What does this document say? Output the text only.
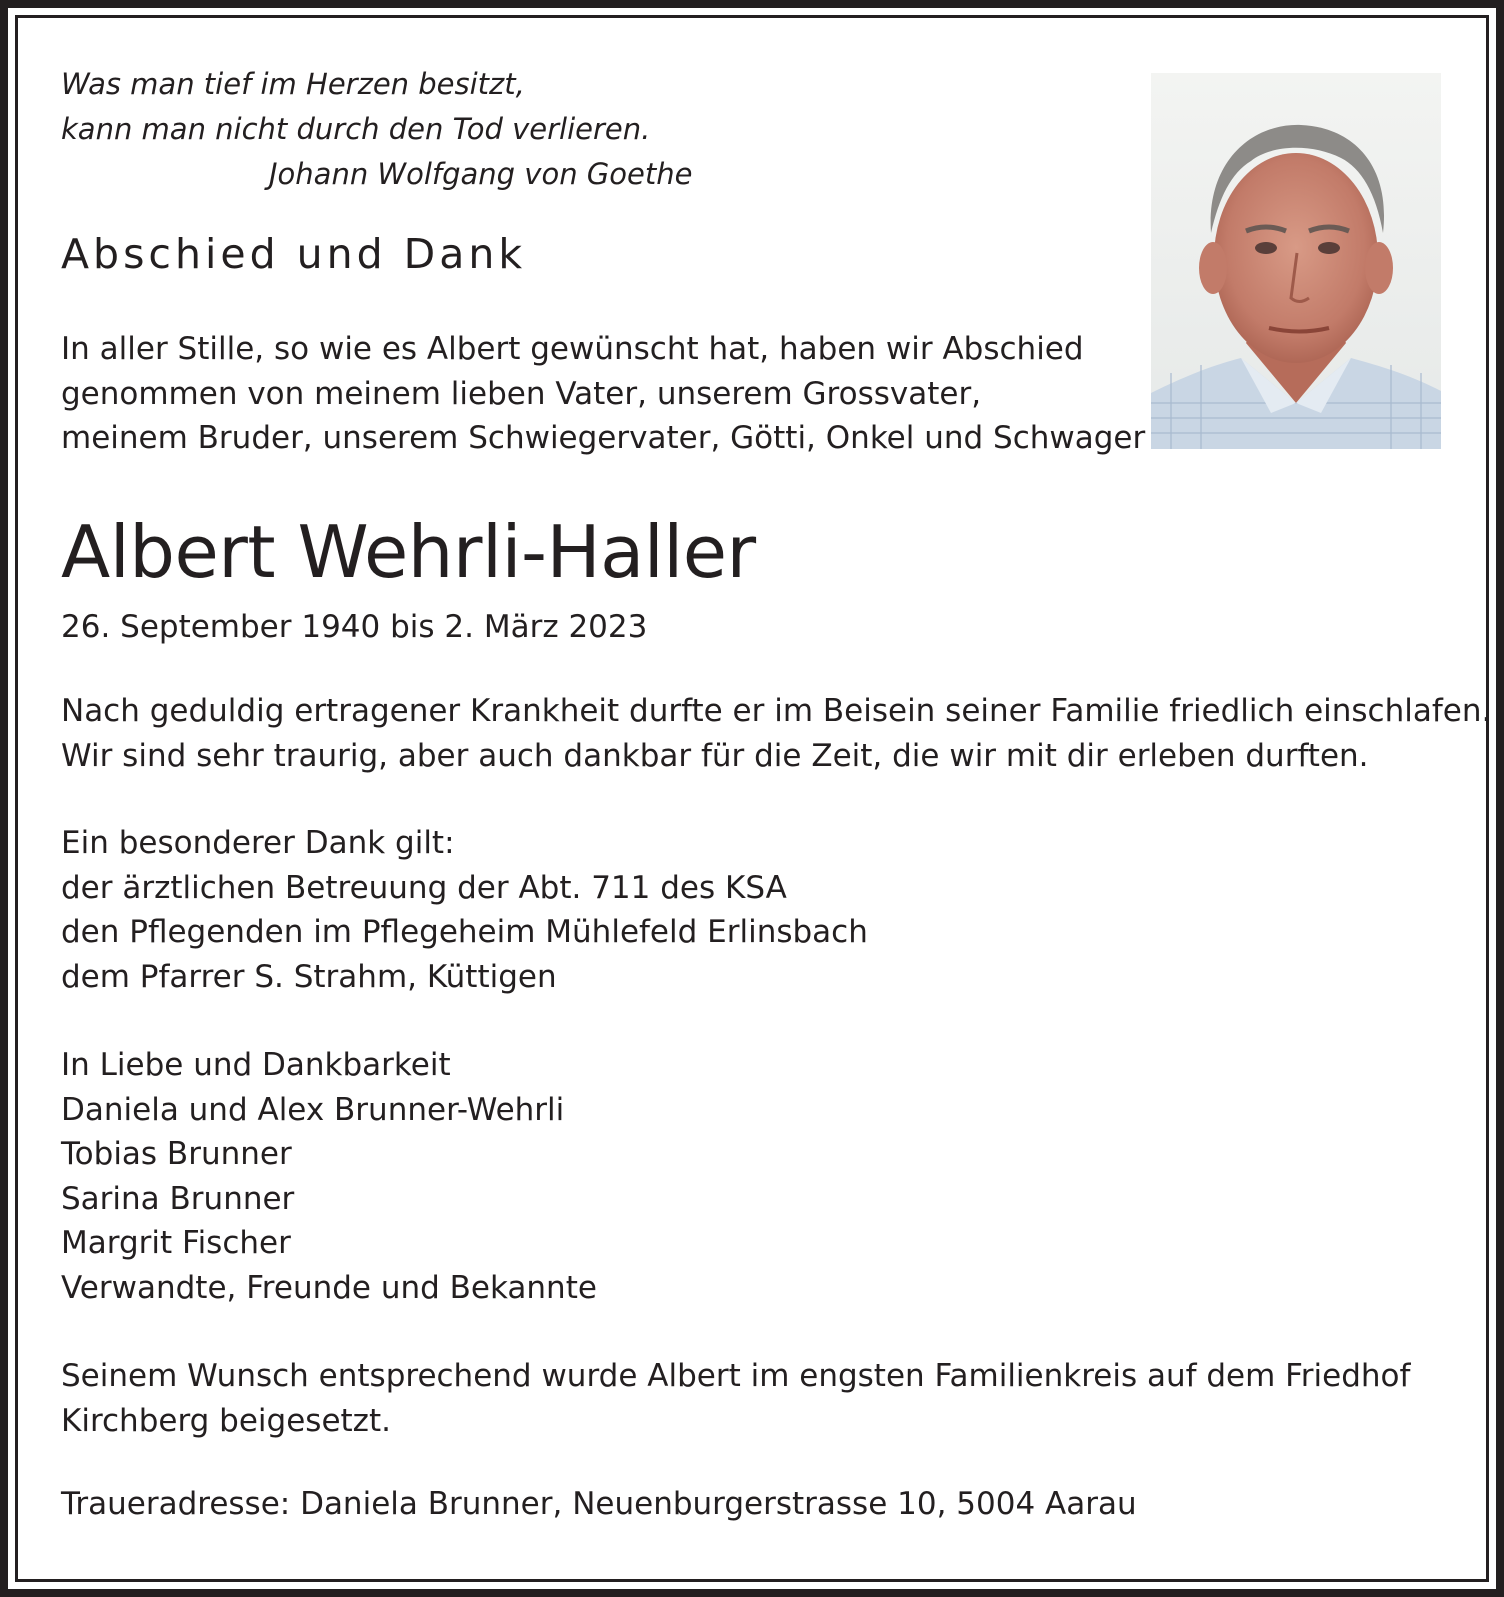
Was man tief im Herzen besitzt,
kann man nicht durch den Tod verlieren.
Johann Wolfgang von Goethe
Abschied und Dank
In aller Stille, so wie es Albert gewünscht hat, haben wir Abschied
genommen von meinem lieben Vater, unserem Grossvater,
meinem Bruder, unserem Schwiegervater, Götti, Onkel und Schwager
Albert Wehrli-Haller
26. September 1940 bis 2. März 2023
Nach geduldig ertragener Krankheit durfte er im Beisein seiner Familie friedlich einschlafen.
Wir sind sehr traurig, aber auch dankbar für die Zeit, die wir mit dir erleben durften.
Ein besonderer Dank gilt:
der ärztlichen Betreuung der Abt. 711 des KSA
den Pflegenden im Pflegeheim Mühlefeld Erlinsbach
dem Pfarrer S. Strahm, Küttigen
In Liebe und Dankbarkeit
Daniela und Alex Brunner-Wehrli
Tobias Brunner
Sarina Brunner
Margrit Fischer
Verwandte, Freunde und Bekannte
Seinem Wunsch entsprechend wurde Albert im engsten Familienkreis auf dem Friedhof
Kirchberg beigesetzt.
Traueradresse: Daniela Brunner, Neuenburgerstrasse 10, 5004 Aarau
